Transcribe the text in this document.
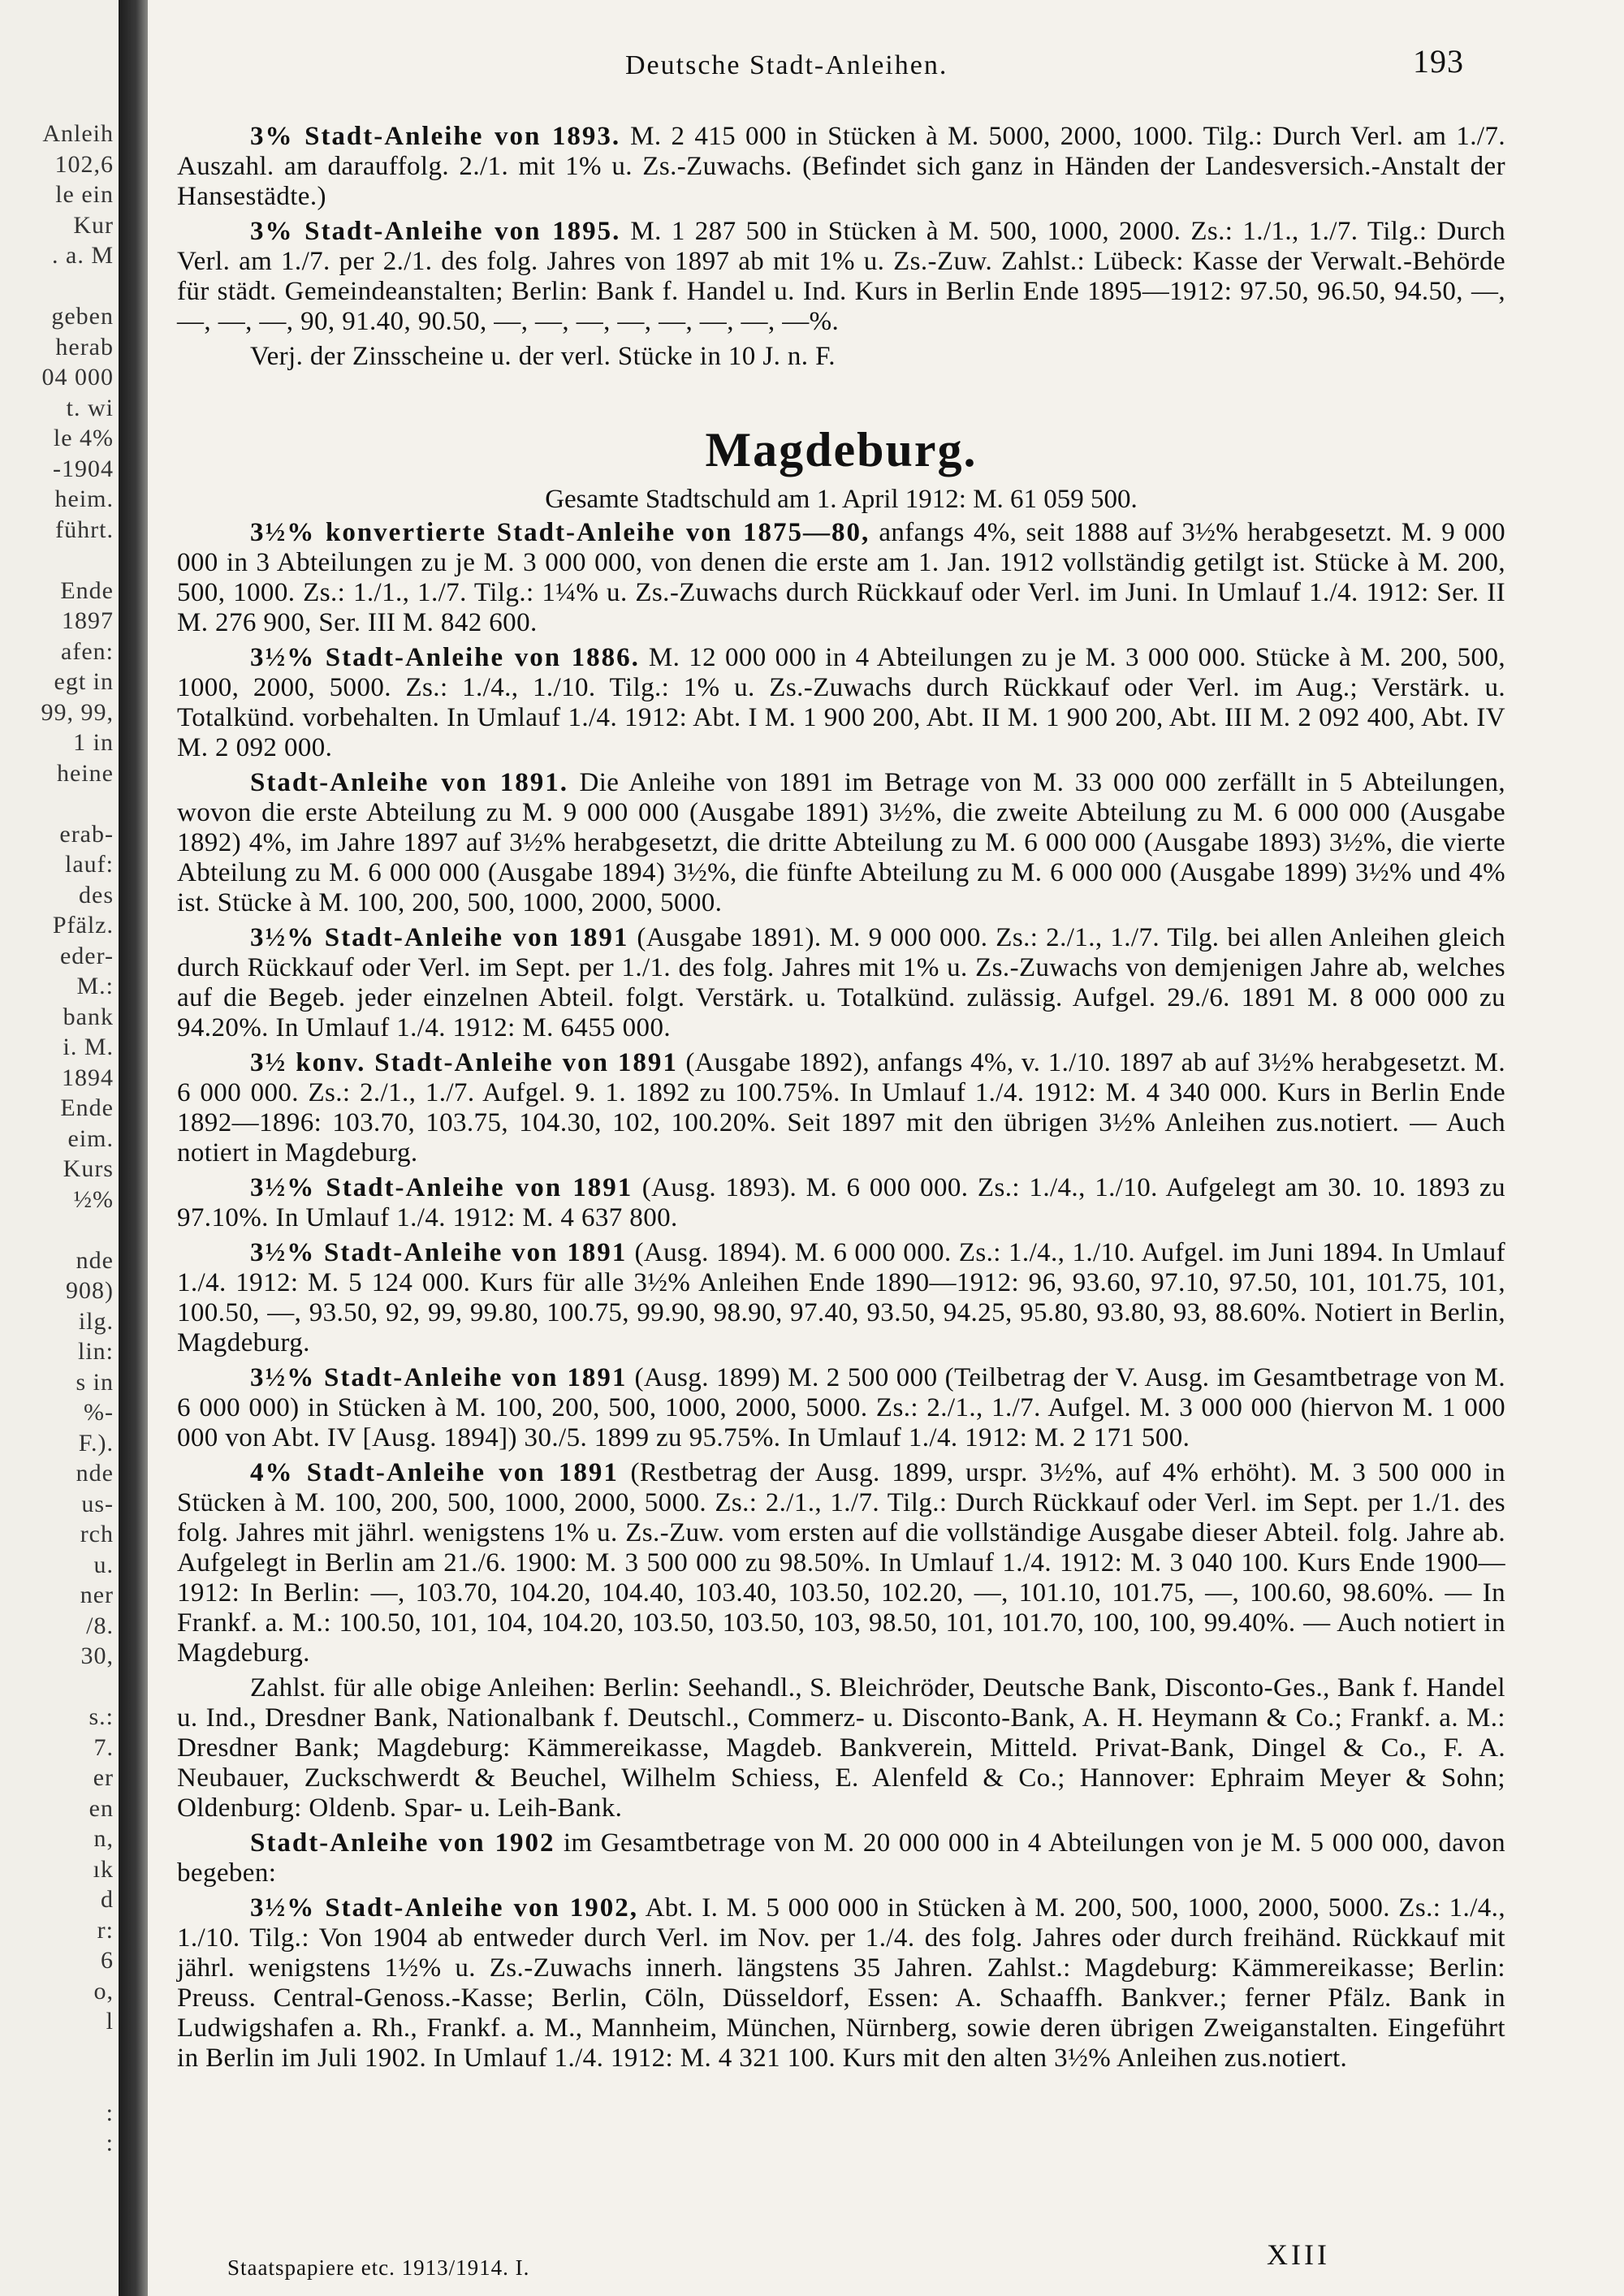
Anleih
102,6
le ein
Kur
. a. M
geben
herab
04 000
t. wi
le 4%
-1904
heim.
führt.
Ende
1897
afen:
egt in
99, 99,
1 in
heine
erab-
lauf:
des
Pfälz.
eder-
M.:
bank
i. M.
1894
Ende
eim.
Kurs
½%
nde
908)
ilg.
lin:
s in
%-
F.).
nde
us-
rch
u.
ner
/8.
30,
s.:
7.
er
en
n,
ık
d
r:
6
o,
l
:
:
Deutsche Stadt-Anleihen.	193

3% Stadt-Anleihe von 1893. M. 2 415 000 in Stücken à M. 5000, 2000, 1000. Tilg.: Durch Verl. am 1./7. Auszahl. am darauffolg. 2./1. mit 1% u. Zs.-Zuwachs. (Befindet sich ganz in Händen der Landesversich.-Anstalt der Hansestädte.)

3% Stadt-Anleihe von 1895. M. 1 287 500 in Stücken à M. 500, 1000, 2000. Zs.: 1./1., 1./7. Tilg.: Durch Verl. am 1./7. per 2./1. des folg. Jahres von 1897 ab mit 1% u. Zs.-Zuw. Zahlst.: Lübeck: Kasse der Verwalt.-Behörde für städt. Gemeindeanstalten; Berlin: Bank f. Handel u. Ind. Kurs in Berlin Ende 1895—1912: 97.50, 96.50, 94.50, —, —, —, —, 90, 91.40, 90.50, —, —, —, —, —, —, —, —%.

Verj. der Zinsscheine u. der verl. Stücke in 10 J. n. F.

Magdeburg.
Gesamte Stadtschuld am 1. April 1912: M. 61 059 500.

3½% konvertierte Stadt-Anleihe von 1875—80, anfangs 4%, seit 1888 auf 3½% herabgesetzt. M. 9 000 000 in 3 Abteilungen zu je M. 3 000 000, von denen die erste am 1. Jan. 1912 vollständig getilgt ist. Stücke à M. 200, 500, 1000. Zs.: 1./1., 1./7. Tilg.: 1¼% u. Zs.-Zuwachs durch Rückkauf oder Verl. im Juni. In Umlauf 1./4. 1912: Ser. II M. 276 900, Ser. III M. 842 600.

3½% Stadt-Anleihe von 1886. M. 12 000 000 in 4 Abteilungen zu je M. 3 000 000. Stücke à M. 200, 500, 1000, 2000, 5000. Zs.: 1./4., 1./10. Tilg.: 1% u. Zs.-Zuwachs durch Rückkauf oder Verl. im Aug.; Verstärk. u. Totalkünd. vorbehalten. In Umlauf 1./4. 1912: Abt. I M. 1 900 200, Abt. II M. 1 900 200, Abt. III M. 2 092 400, Abt. IV M. 2 092 000.

Stadt-Anleihe von 1891. Die Anleihe von 1891 im Betrage von M. 33 000 000 zerfällt in 5 Abteilungen, wovon die erste Abteilung zu M. 9 000 000 (Ausgabe 1891) 3½%, die zweite Abteilung zu M. 6 000 000 (Ausgabe 1892) 4%, im Jahre 1897 auf 3½% herabgesetzt, die dritte Abteilung zu M. 6 000 000 (Ausgabe 1893) 3½%, die vierte Abteilung zu M. 6 000 000 (Ausgabe 1894) 3½%, die fünfte Abteilung zu M. 6 000 000 (Ausgabe 1899) 3½% und 4% ist. Stücke à M. 100, 200, 500, 1000, 2000, 5000.

3½% Stadt-Anleihe von 1891 (Ausgabe 1891). M. 9 000 000. Zs.: 2./1., 1./7. Tilg. bei allen Anleihen gleich durch Rückkauf oder Verl. im Sept. per 1./1. des folg. Jahres mit 1% u. Zs.-Zuwachs von demjenigen Jahre ab, welches auf die Begeb. jeder einzelnen Abteil. folgt. Verstärk. u. Totalkünd. zulässig. Aufgel. 29./6. 1891 M. 8 000 000 zu 94.20%. In Umlauf 1./4. 1912: M. 6455 000.

3½ konv. Stadt-Anleihe von 1891 (Ausgabe 1892), anfangs 4%, v. 1./10. 1897 ab auf 3½% herabgesetzt. M. 6 000 000. Zs.: 2./1., 1./7. Aufgel. 9. 1. 1892 zu 100.75%. In Umlauf 1./4. 1912: M. 4 340 000. Kurs in Berlin Ende 1892—1896: 103.70, 103.75, 104.30, 102, 100.20%. Seit 1897 mit den übrigen 3½% Anleihen zus.notiert. — Auch notiert in Magdeburg.

3½% Stadt-Anleihe von 1891 (Ausg. 1893). M. 6 000 000. Zs.: 1./4., 1./10. Aufgelegt am 30. 10. 1893 zu 97.10%. In Umlauf 1./4. 1912: M. 4 637 800.

3½% Stadt-Anleihe von 1891 (Ausg. 1894). M. 6 000 000. Zs.: 1./4., 1./10. Aufgel. im Juni 1894. In Umlauf 1./4. 1912: M. 5 124 000. Kurs für alle 3½% Anleihen Ende 1890—1912: 96, 93.60, 97.10, 97.50, 101, 101.75, 101, 100.50, —, 93.50, 92, 99, 99.80, 100.75, 99.90, 98.90, 97.40, 93.50, 94.25, 95.80, 93.80, 93, 88.60%. Notiert in Berlin, Magdeburg.

3½% Stadt-Anleihe von 1891 (Ausg. 1899) M. 2 500 000 (Teilbetrag der V. Ausg. im Gesamtbetrage von M. 6 000 000) in Stücken à M. 100, 200, 500, 1000, 2000, 5000. Zs.: 2./1., 1./7. Aufgel. M. 3 000 000 (hiervon M. 1 000 000 von Abt. IV [Ausg. 1894]) 30./5. 1899 zu 95.75%. In Umlauf 1./4. 1912: M. 2 171 500.

4% Stadt-Anleihe von 1891 (Restbetrag der Ausg. 1899, urspr. 3½%, auf 4% erhöht). M. 3 500 000 in Stücken à M. 100, 200, 500, 1000, 2000, 5000. Zs.: 2./1., 1./7. Tilg.: Durch Rückkauf oder Verl. im Sept. per 1./1. des folg. Jahres mit jährl. wenigstens 1% u. Zs.-Zuw. vom ersten auf die vollständige Ausgabe dieser Abteil. folg. Jahre ab. Aufgelegt in Berlin am 21./6. 1900: M. 3 500 000 zu 98.50%. In Umlauf 1./4. 1912: M. 3 040 100. Kurs Ende 1900—1912: In Berlin: —, 103.70, 104.20, 104.40, 103.40, 103.50, 102.20, —, 101.10, 101.75, —, 100.60, 98.60%. — In Frankf. a. M.: 100.50, 101, 104, 104.20, 103.50, 103.50, 103, 98.50, 101, 101.70, 100, 100, 99.40%. — Auch notiert in Magdeburg.

Zahlst. für alle obige Anleihen: Berlin: Seehandl., S. Bleichröder, Deutsche Bank, Disconto-Ges., Bank f. Handel u. Ind., Dresdner Bank, Nationalbank f. Deutschl., Commerz- u. Disconto-Bank, A. H. Heymann & Co.; Frankf. a. M.: Dresdner Bank; Magdeburg: Kämmereikasse, Magdeb. Bankverein, Mitteld. Privat-Bank, Dingel & Co., F. A. Neubauer, Zuckschwerdt & Beuchel, Wilhelm Schiess, E. Alenfeld & Co.; Hannover: Ephraim Meyer & Sohn; Oldenburg: Oldenb. Spar- u. Leih-Bank.

Stadt-Anleihe von 1902 im Gesamtbetrage von M. 20 000 000 in 4 Abteilungen von je M. 5 000 000, davon begeben:

3½% Stadt-Anleihe von 1902, Abt. I. M. 5 000 000 in Stücken à M. 200, 500, 1000, 2000, 5000. Zs.: 1./4., 1./10. Tilg.: Von 1904 ab entweder durch Verl. im Nov. per 1./4. des folg. Jahres oder durch freihänd. Rückkauf mit jährl. wenigstens 1½% u. Zs.-Zuwachs innerh. längstens 35 Jahren. Zahlst.: Magdeburg: Kämmereikasse; Berlin: Preuss. Central-Genoss.-Kasse; Berlin, Cöln, Düsseldorf, Essen: A. Schaaffh. Bankver.; ferner Pfälz. Bank in Ludwigshafen a. Rh., Frankf. a. M., Mannheim, München, Nürnberg, sowie deren übrigen Zweiganstalten. Eingeführt in Berlin im Juli 1902. In Umlauf 1./4. 1912: M. 4 321 100. Kurs mit den alten 3½% Anleihen zus.notiert.

Staatspapiere etc. 1913/1914. I.	XIII
